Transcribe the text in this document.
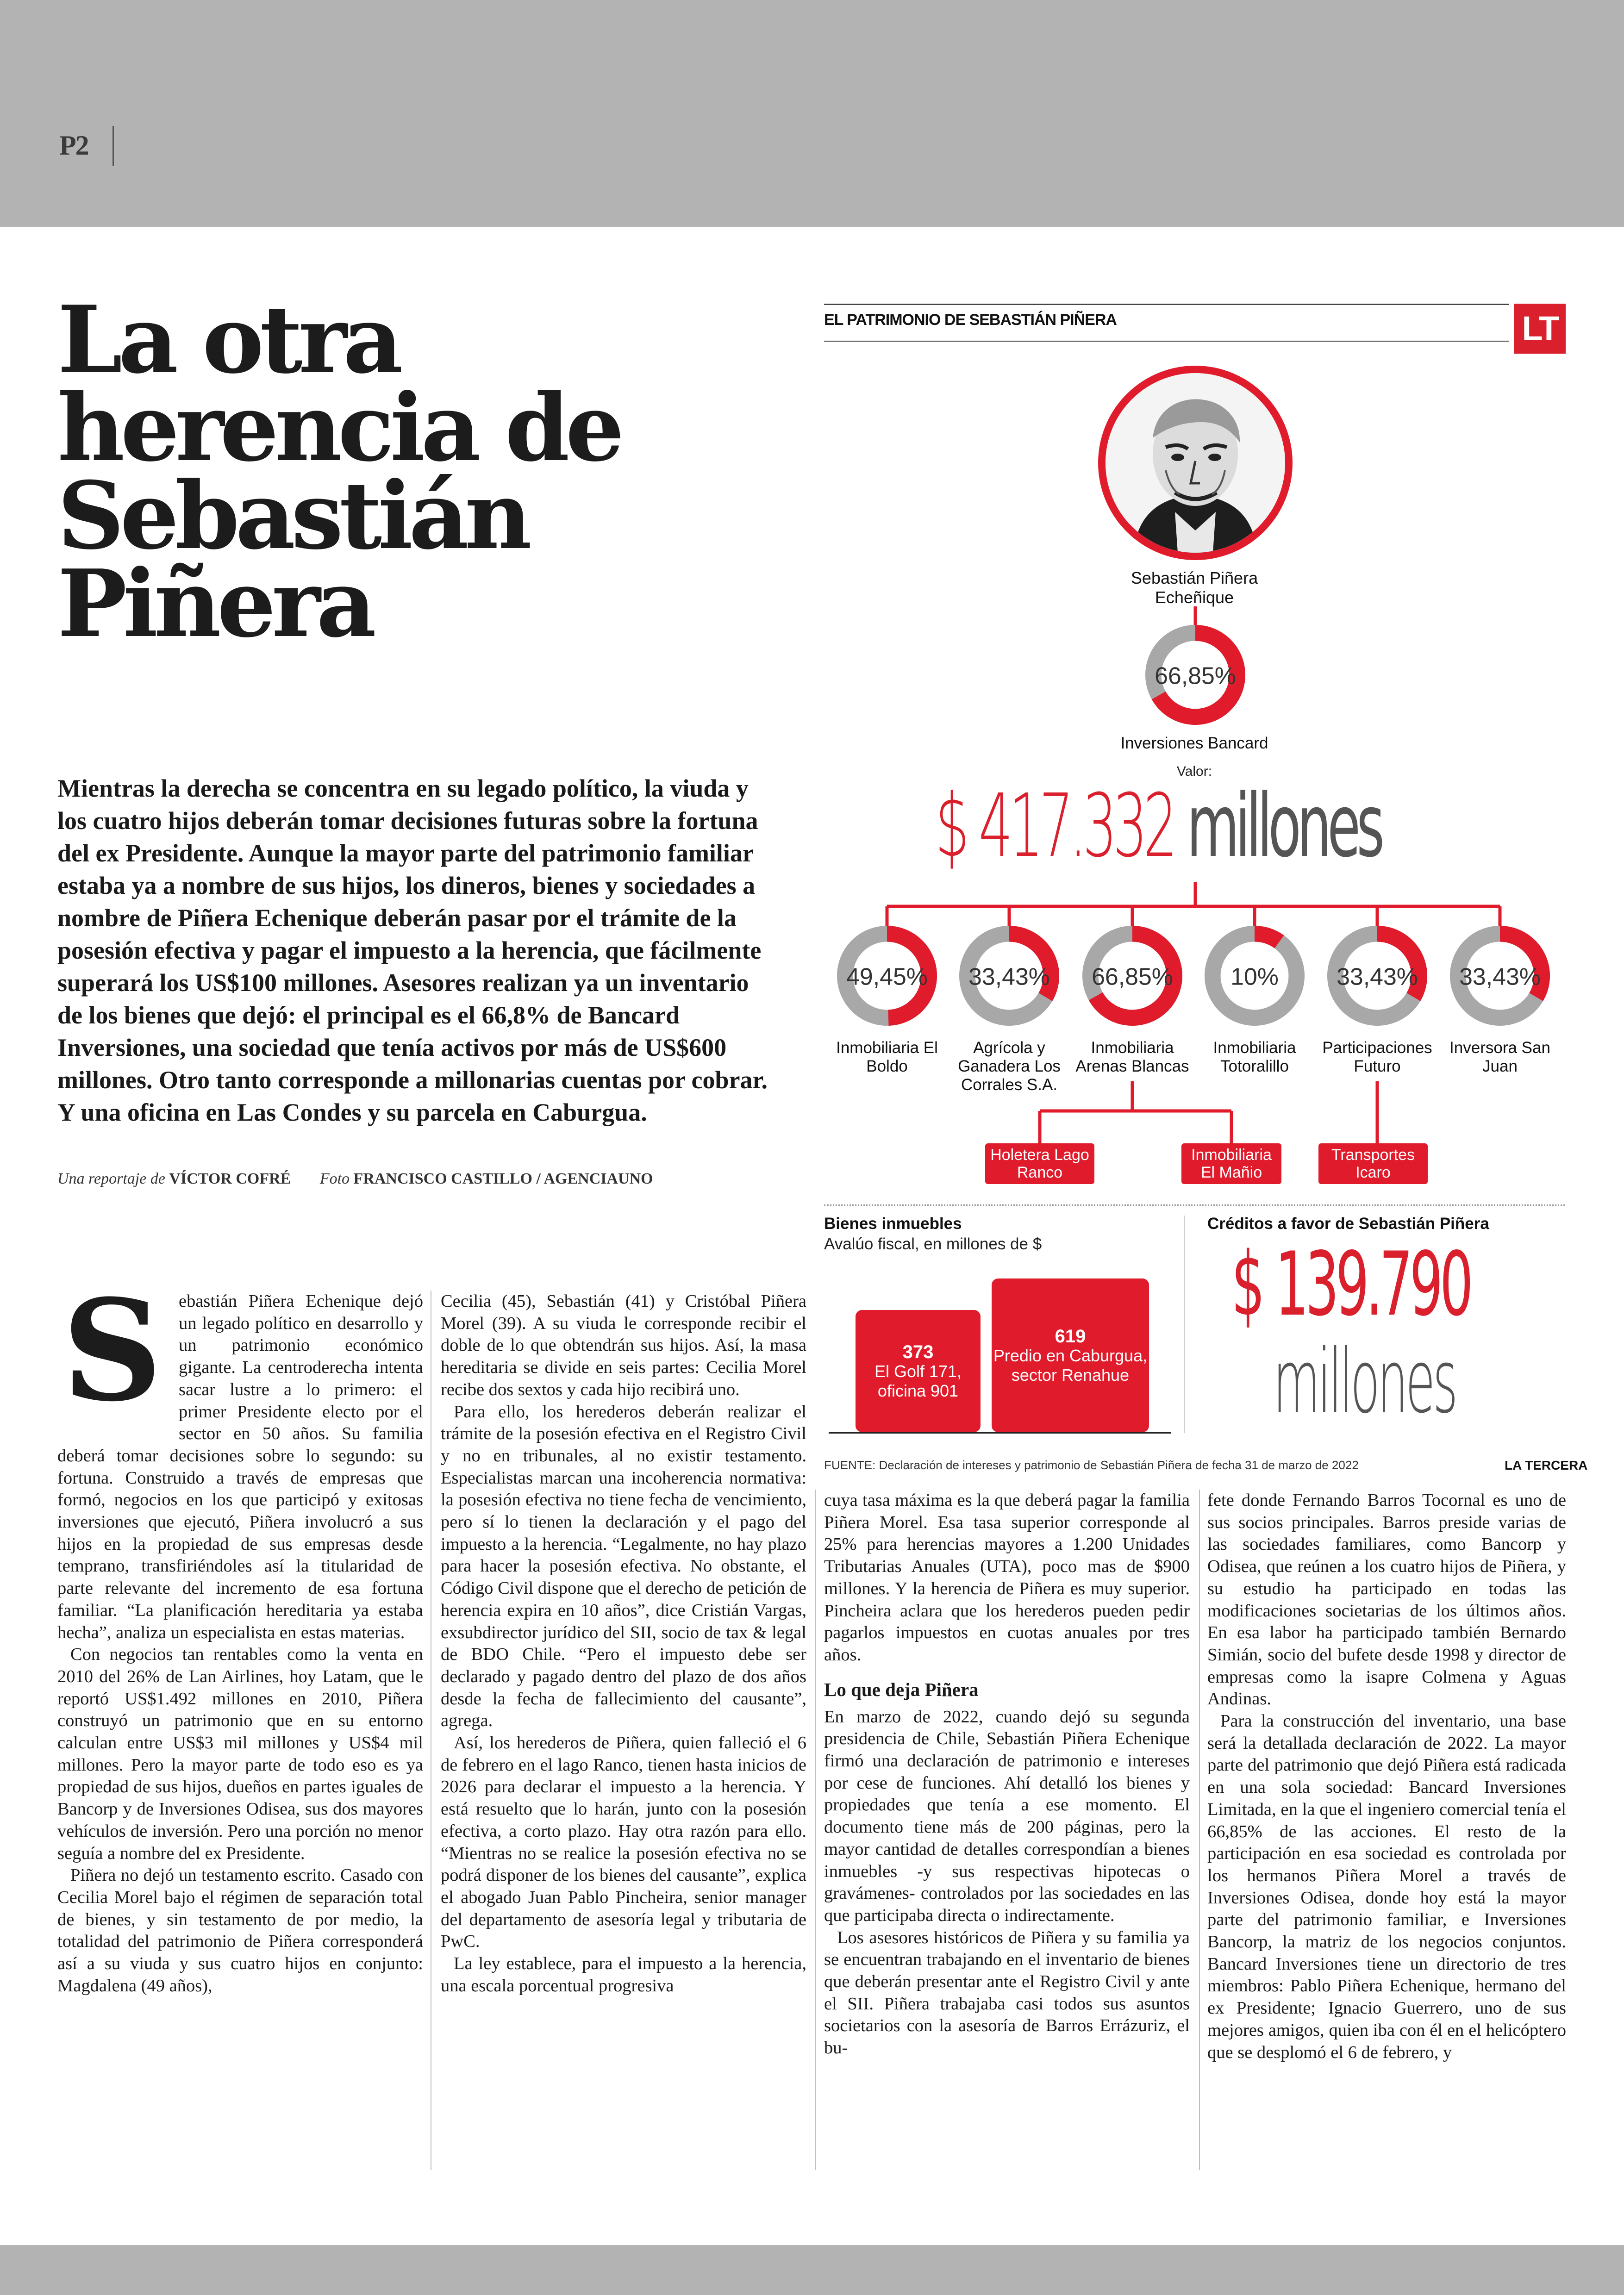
P2
La otra herencia de Sebastián Piñera

Mientras la derecha se concentra en su legado político, la viuda y los cuatro hijos deberán tomar decisiones futuras sobre la fortuna del ex Presidente. Aunque la mayor parte del patrimonio familiar estaba ya a nombre de sus hijos, los dineros, bienes y sociedades a nombre de Piñera Echenique deberán pasar por el trámite de la posesión efectiva y pagar el impuesto a la herencia, que fácilmente superará los US$100 millones. Asesores realizan ya un inventario de los bienes que dejó: el principal es el 66,8% de Bancard Inversiones, una sociedad que tenía activos por más de US$600 millones. Otro tanto corresponde a millonarias cuentas por cobrar. Y una oficina en Las Condes y su parcela en Caburgua.

Una reportaje de VÍCTOR COFRÉ Foto FRANCISCO CASTILLO / AGENCIAUNO
S ebastián Piñera Echenique dejó un legado político en desarrollo y un patrimonio económico gigante. La centroderecha intenta sacar lustre a lo primero: el primer Presidente electo por el sector en 50 años. Su familia deberá tomar decisiones sobre lo segundo: su fortuna. Construido a través de empresas que formó, negocios en los que participó y exitosas inversiones que ejecutó, Piñera involucró a sus hijos en la propiedad de sus empresas desde temprano, transfiriéndoles así la titularidad de parte relevante del incremento de esa fortuna familiar. “La planificación hereditaria ya estaba hecha”, analiza un especialista en estas materias.

Con negocios tan rentables como la venta en 2010 del 26% de Lan Airlines, hoy Latam, que le reportó US$1.492 millones en 2010, Piñera construyó un patrimonio que en su entorno calculan entre US$3 mil millones y US$4 mil millones. Pero la mayor parte de todo eso es ya propiedad de sus hijos, dueños en partes iguales de Bancorp y de Inversiones Odisea, sus dos mayores vehículos de inversión. Pero una porción no menor seguía a nombre del ex Presidente.

Piñera no dejó un testamento escrito. Casado con Cecilia Morel bajo el régimen de separación total de bienes, y sin testamento de por medio, la totalidad del patrimonio de Piñera corresponderá así a su viuda y sus cuatro hijos en conjunto: Magdalena (49 años),

Cecilia (45), Sebastián (41) y Cristóbal Piñera Morel (39). A su viuda le corresponde recibir el doble de lo que obtendrán sus hijos. Así, la masa hereditaria se divide en seis partes: Cecilia Morel recibe dos sextos y cada hijo recibirá uno.

Para ello, los herederos deberán realizar el trámite de la posesión efectiva en el Registro Civil y no en tribunales, al no existir testamento. Especialistas marcan una incoherencia normativa: la posesión efectiva no tiene fecha de vencimiento, pero sí lo tienen la declaración y el pago del impuesto a la herencia. “Legalmente, no hay plazo para hacer la posesión efectiva. No obstante, el Código Civil dispone que el derecho de petición de herencia expira en 10 años”, dice Cristián Vargas, exsubdirector jurídico del SII, socio de tax & legal de BDO Chile. “Pero el impuesto debe ser declarado y pagado dentro del plazo de dos años desde la fecha de fallecimiento del causante”, agrega.

Así, los herederos de Piñera, quien falleció el 6 de febrero en el lago Ranco, tienen hasta inicios de 2026 para declarar el impuesto a la herencia. Y está resuelto que lo harán, junto con la posesión efectiva, a corto plazo. Hay otra razón para ello. “Mientras no se realice la posesión efectiva no se podrá disponer de los bienes del causante”, explica el abogado Juan Pablo Pincheira, senior manager del departamento de asesoría legal y tributaria de PwC.

La ley establece, para el impuesto a la herencia, una escala porcentual progresiva

cuya tasa máxima es la que deberá pagar la familia Piñera Morel. Esa tasa superior corresponde al 25% para herencias mayores a 1.200 Unidades Tributarias Anuales (UTA), poco mas de $900 millones. Y la herencia de Piñera es muy superior. Pincheira aclara que los herederos pueden pedir pagarlos impuestos en cuotas anuales por tres años.

Lo que deja Piñera

En marzo de 2022, cuando dejó su segunda presidencia de Chile, Sebastián Piñera Echenique firmó una declaración de patrimonio e intereses por cese de funciones. Ahí detalló los bienes y propiedades que tenía a ese momento. El documento tiene más de 200 páginas, pero la mayor cantidad de detalles correspondían a bienes inmuebles -y sus respectivas hipotecas o gravámenes- controlados por las sociedades en las que participaba directa o indirectamente.

Los asesores históricos de Piñera y su familia ya se encuentran trabajando en el inventario de bienes que deberán presentar ante el Registro Civil y ante el SII. Piñera trabajaba casi todos sus asuntos societarios con la asesoría de Barros Errázuriz, el bu-

fete donde Fernando Barros Tocornal es uno de sus socios principales. Barros preside varias de las sociedades familiares, como Bancorp y Odisea, que reúnen a los cuatro hijos de Piñera, y su estudio ha participado en todas las modificaciones societarias de los últimos años. En esa labor ha participado también Bernardo Simián, socio del bufete desde 1998 y director de empresas como la isapre Colmena y Aguas Andinas.

Para la construcción del inventario, una base será la detallada declaración de 2022. La mayor parte del patrimonio que dejó Piñera está radicada en una sola sociedad: Bancard Inversiones Limitada, en la que el ingeniero comercial tenía el 66,85% de las acciones. El resto de la participación en esa sociedad es controlada por los hermanos Piñera Morel a través de Inversiones Odisea, donde hoy está la mayor parte del patrimonio familiar, e Inversiones Bancorp, la matriz de los negocios conjuntos. Bancard Inversiones tiene un directorio de tres miembros: Pablo Piñera Echenique, hermano del ex Presidente; Ignacio Guerrero, uno de sus mejores amigos, quien iba con él en el helicóptero que se desplomó el 6 de febrero, y

EL PATRIMONIO DE SEBASTIÁN PIÑERA	LT
Sebastián Piñera Echeñique
66,85%
Inversiones Bancard
Valor:
$ 417.332 millones
49,45%
Inmobiliaria El Boldo
33,43%
Agrícola y Ganadera Los Corrales S.A.
66,85%
Inmobiliaria Arenas Blancas
10%
Inmobiliaria Totoralillo
33,43%
Participaciones Futuro
33,43%
Inversora San Juan
Holetera Lago Ranco
Inmobiliaria El Mañio
Transportes Icaro
Bienes inmuebles
Avalúo fiscal, en millones de $
373
El Golf 171, oficina 901
619
Predio en Caburgua, sector Renahue
Créditos a favor de Sebastián Piñera
$ 139.790
millones
FUENTE: Declaración de intereses y patrimonio de Sebastián Piñera de fecha 31 de marzo de 2022	LA TERCERA
